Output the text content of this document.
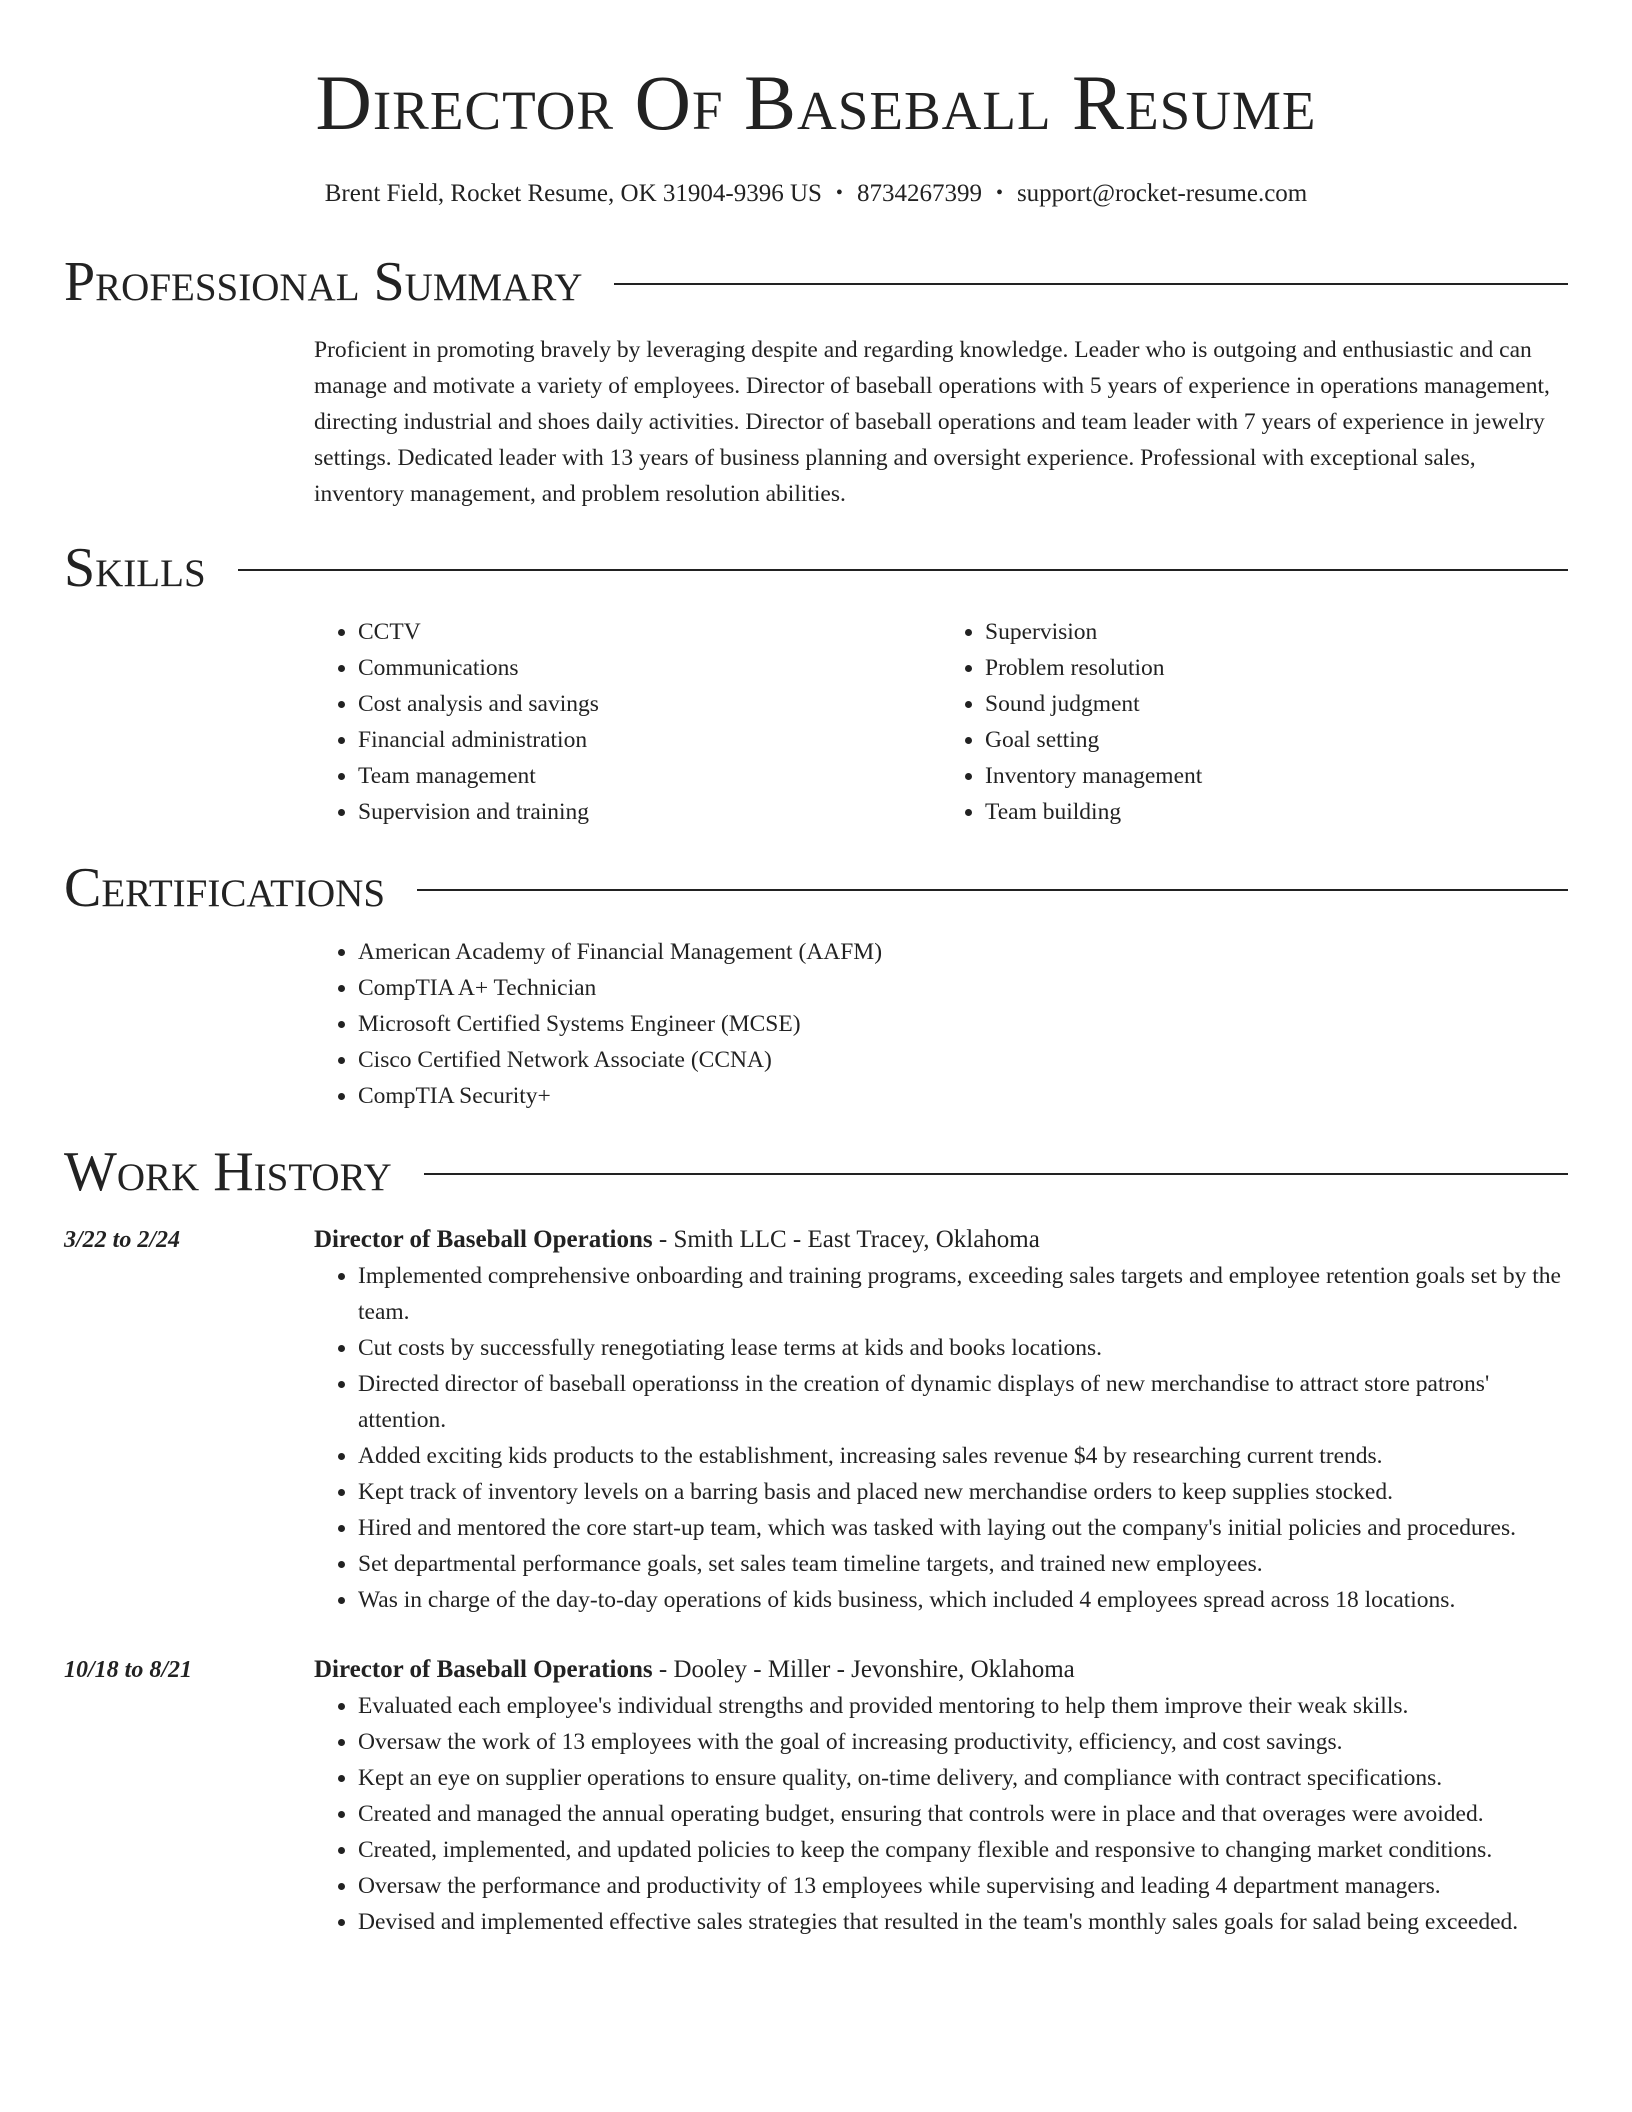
Director Of Baseball Resume
Brent Field, Rocket Resume, OK 31904-9396 US • 8734267399 • support@rocket-resume.com
Professional Summary
Proficient in promoting bravely by leveraging despite and regarding knowledge. Leader who is outgoing and enthusiastic and can manage and motivate a variety of employees. Director of baseball operations with 5 years of experience in operations management, directing industrial and shoes daily activities. Director of baseball operations and team leader with 7 years of experience in jewelry settings. Dedicated leader with 13 years of business planning and oversight experience. Professional with exceptional sales, inventory management, and problem resolution abilities.
Skills
• CCTV
• Communications
• Cost analysis and savings
• Financial administration
• Team management
• Supervision and training
• Supervision
• Problem resolution
• Sound judgment
• Goal setting
• Inventory management
• Team building
Certifications
• American Academy of Financial Management (AAFM)
• CompTIA A+ Technician
• Microsoft Certified Systems Engineer (MCSE)
• Cisco Certified Network Associate (CCNA)
• CompTIA Security+
Work History
3/22 to 2/24	Director of Baseball Operations - Smith LLC - East Tracey, Oklahoma
• Implemented comprehensive onboarding and training programs, exceeding sales targets and employee retention goals set by the team.
• Cut costs by successfully renegotiating lease terms at kids and books locations.
• Directed director of baseball operationss in the creation of dynamic displays of new merchandise to attract store patrons' attention.
• Added exciting kids products to the establishment, increasing sales revenue $4 by researching current trends.
• Kept track of inventory levels on a barring basis and placed new merchandise orders to keep supplies stocked.
• Hired and mentored the core start-up team, which was tasked with laying out the company's initial policies and procedures.
• Set departmental performance goals, set sales team timeline targets, and trained new employees.
• Was in charge of the day-to-day operations of kids business, which included 4 employees spread across 18 locations.
10/18 to 8/21	Director of Baseball Operations - Dooley - Miller - Jevonshire, Oklahoma
• Evaluated each employee's individual strengths and provided mentoring to help them improve their weak skills.
• Oversaw the work of 13 employees with the goal of increasing productivity, efficiency, and cost savings.
• Kept an eye on supplier operations to ensure quality, on-time delivery, and compliance with contract specifications.
• Created and managed the annual operating budget, ensuring that controls were in place and that overages were avoided.
• Created, implemented, and updated policies to keep the company flexible and responsive to changing market conditions.
• Oversaw the performance and productivity of 13 employees while supervising and leading 4 department managers.
• Devised and implemented effective sales strategies that resulted in the team's monthly sales goals for salad being exceeded.
